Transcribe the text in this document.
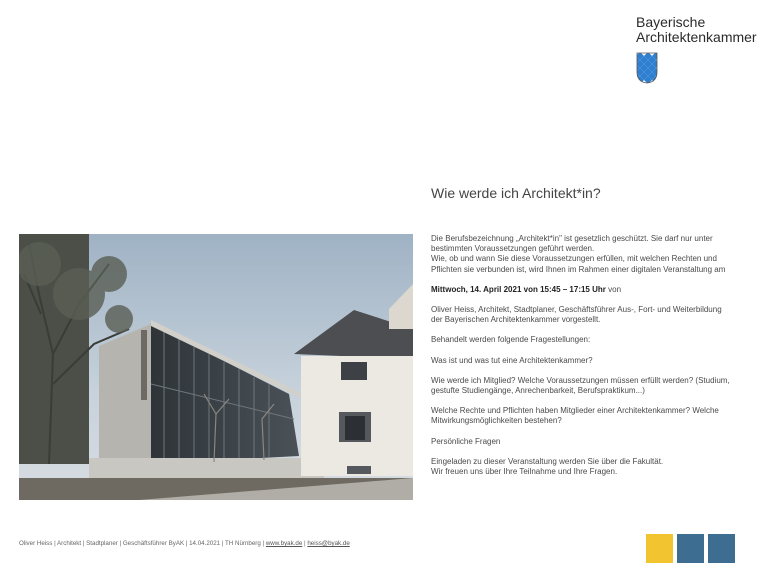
Bayerische
Architektenkammer
Wie werde ich Architekt*in?

Die Berufsbezeichnung „Architekt*in" ist gesetzlich geschützt. Sie darf nur unter
bestimmten Voraussetzungen geführt werden.
Wie, ob und wann Sie diese Voraussetzungen erfüllen, mit welchen Rechten und
Pflichten sie verbunden ist, wird Ihnen im Rahmen einer digitalen Veranstaltung am

Mittwoch, 14. April 2021 von 15:45 – 17:15 Uhr von

Oliver Heiss, Architekt, Stadtplaner, Geschäftsführer Aus-, Fort- und Weiterbildung
der Bayerischen Architektenkammer vorgestellt.

Behandelt werden folgende Fragestellungen:

Was ist und was tut eine Architektenkammer?

Wie werde ich Mitglied? Welche Voraussetzungen müssen erfüllt werden? (Studium,
gestufte Studiengänge, Anrechenbarkeit, Berufspraktikum...)

Welche Rechte und Pflichten haben Mitglieder einer Architektenkammer? Welche
Mitwirkungsmöglichkeiten bestehen?

Persönliche Fragen

Eingeladen zu dieser Veranstaltung werden Sie über die Fakultät.
Wir freuen uns über Ihre Teilnahme und Ihre Fragen.

Oliver Heiss | Architekt | Stadtplaner | Geschäftsführer ByAK | 14.04.2021 | TH Nürnberg | www.byak.de | heiss@byak.de
